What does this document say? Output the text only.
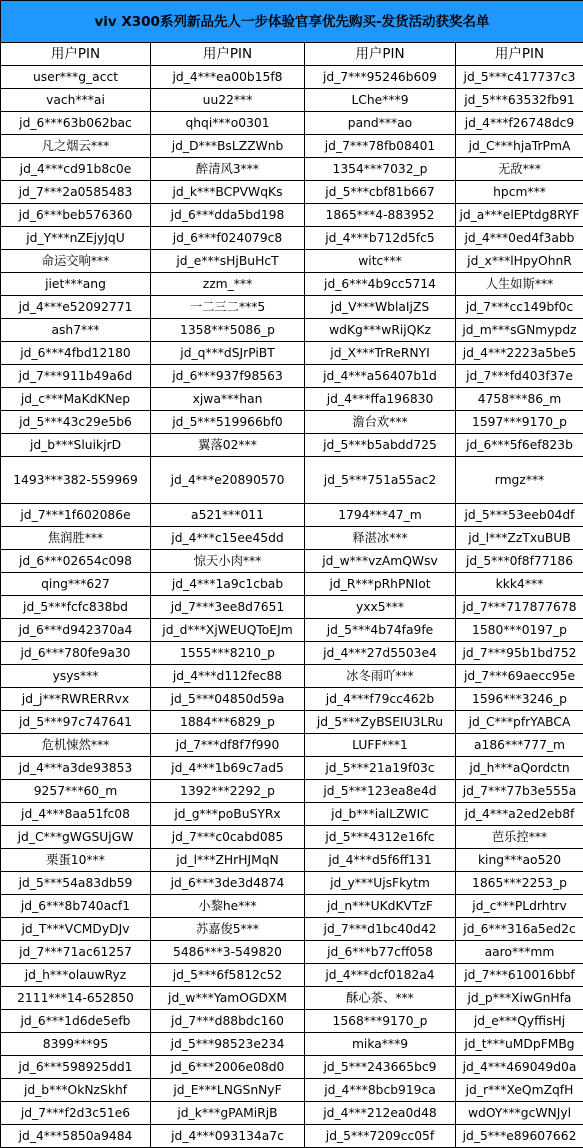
viv X300系列新品先人一步体验官享优先购买-发货活动获奖名单			
用户PIN	用户PIN	用户PIN	用户PIN
user***g_acct	jd_4***ea00b15f8	jd_7***95246b609	jd_5***c417737c3
vach***ai	uu22***	LChe***9	jd_5***63532fb91
jd_6***63b062bac	qhqi***o0301	pand***ao	jd_4***f26748dc9
凡之烟云***	jd_D***BsLZZWnb	jd_7***78fb08401	jd_C***hjaTrPmA
jd_4***cd91b8c0e	醉清风3***	1354***7032_p	无敌***
jd_7***2a0585483	jd_k***BCPVWqKs	jd_5***cbf81b667	hpcm***
jd_6***beb576360	jd_6***dda5bd198	1865***4-883952	jd_a***elEPtdg8RYF
jd_Y***nZEjyJqU	jd_6***f024079c8	jd_4***b712d5fc5	jd_4***0ed4f3abb
命运交响***	jd_e***sHjBuHcT	witc***	jd_x***lHpyOhnR
jiet***ang	zzm_***	jd_6***4b9cc5714	人生如斯***
jd_4***e52092771	一二三二***5	jd_V***WblaIjZS	jd_7***cc149bf0c
ash7***	1358***5086_p	wdKg***wRijQKz	jd_m***sGNmypdz
jd_6***4fbd12180	jd_q***dSJrPiBT	jd_X***TrReRNYI	jd_4***2223a5be5
jd_7***911b49a6d	jd_6***937f98563	jd_4***a56407b1d	jd_7***fd403f37e
jd_c***MaKdKNep	xjwa***han	jd_4***ffa196830	4758***86_m
jd_5***43c29e5b6	jd_5***519966bf0	澹台欢***	1597***9170_p
jd_b***SluikjrD	翼落02***	jd_5***b5abdd725	jd_6***5f6ef823b
1493***382-559969	jd_4***e20890570	jd_5***751a55ac2	rmgz***
jd_7***1f602086e	a521***011	1794***47_m	jd_5***53eeb04df
焦润胜***	jd_4***c15ee45dd	释湛冰***	jd_l***ZzTxuBUB
jd_6***02654c098	惊天小肉***	jd_w***vzAmQWsv	jd_5***0f8f77186
qing***627	jd_4***1a9c1cbab	jd_R***pRhPNIot	kkk4***
jd_5***fcfc838bd	jd_7***3ee8d7651	yxx5***	jd_7***717877678
jd_6***d942370a4	jd_d***XjWEUQToEJm	jd_5***4b74fa9fe	1580***0197_p
jd_6***780fe9a30	1555***8210_p	jd_4***27d5503e4	jd_7***95b1bd752
ysys***	jd_4***d112fec88	冰冬雨吖***	jd_7***69aecc95e
jd_j***RWRERRvx	jd_5***04850d59a	jd_4***f79cc462b	1596***3246_p
jd_5***97c747641	1884***6829_p	jd_5***ZyBSEIU3LRu	jd_C***pfrYABCA
危机悚然***	jd_7***df8f7f990	LUFF***1	a186***777_m
jd_4***a3de93853	jd_4***1b69c7ad5	jd_5***21a19f03c	jd_h***aQordctn
9257***60_m	1392***2292_p	jd_5***123ea8e4d	jd_7***77b3e555a
jd_4***8aa51fc08	jd_g***poBuSYRx	jd_b***ialLZWIC	jd_4***a2ed2eb8f
jd_C***gWGSUjGW	jd_7***c0cabd085	jd_5***4312e16fc	芭乐控***
栗蛋10***	jd_l***ZHrHJMqN	jd_4***d5f6ff131	king***ao520
jd_5***54a83db59	jd_6***3de3d4874	jd_y***UjsFkytm	1865***2253_p
jd_6***8b740acf1	小黎he***	jd_n***UKdKVTzF	jd_c***PLdrhtrv
jd_T***VCMDyDJv	苏嘉俊5***	jd_7***d1bc40d42	jd_6***316a5ed2c
jd_7***71ac61257	5486***3-549820	jd_6***b77cff058	aaro***mm
jd_h***olauwRyz	jd_5***6f5812c52	jd_4***dcf0182a4	jd_7***610016bbf
2111***14-652850	jd_w***YamOGDXM	酥心茶、***	jd_p***XiwGnHfa
jd_6***1d6de5efb	jd_7***d88bdc160	1568***9170_p	jd_e***QyffisHj
8399***95	jd_5***98523e234	mika***9	jd_t***uMDpFMBg
jd_6***598925dd1	jd_6***2006e08d0	jd_5***243665bc9	jd_4***469049d0a
jd_b***OkNzSkhf	jd_E***LNGSnNyF	jd_4***8bcb919ca	jd_r***XeQmZqfH
jd_7***f2d3c51e6	jd_k***gPAMiRjB	jd_4***212ea0d48	wdOY***gcWNJyl
jd_4***5850a9484	jd_4***093134a7c	jd_5***7209cc05f	jd_5***e89607662
